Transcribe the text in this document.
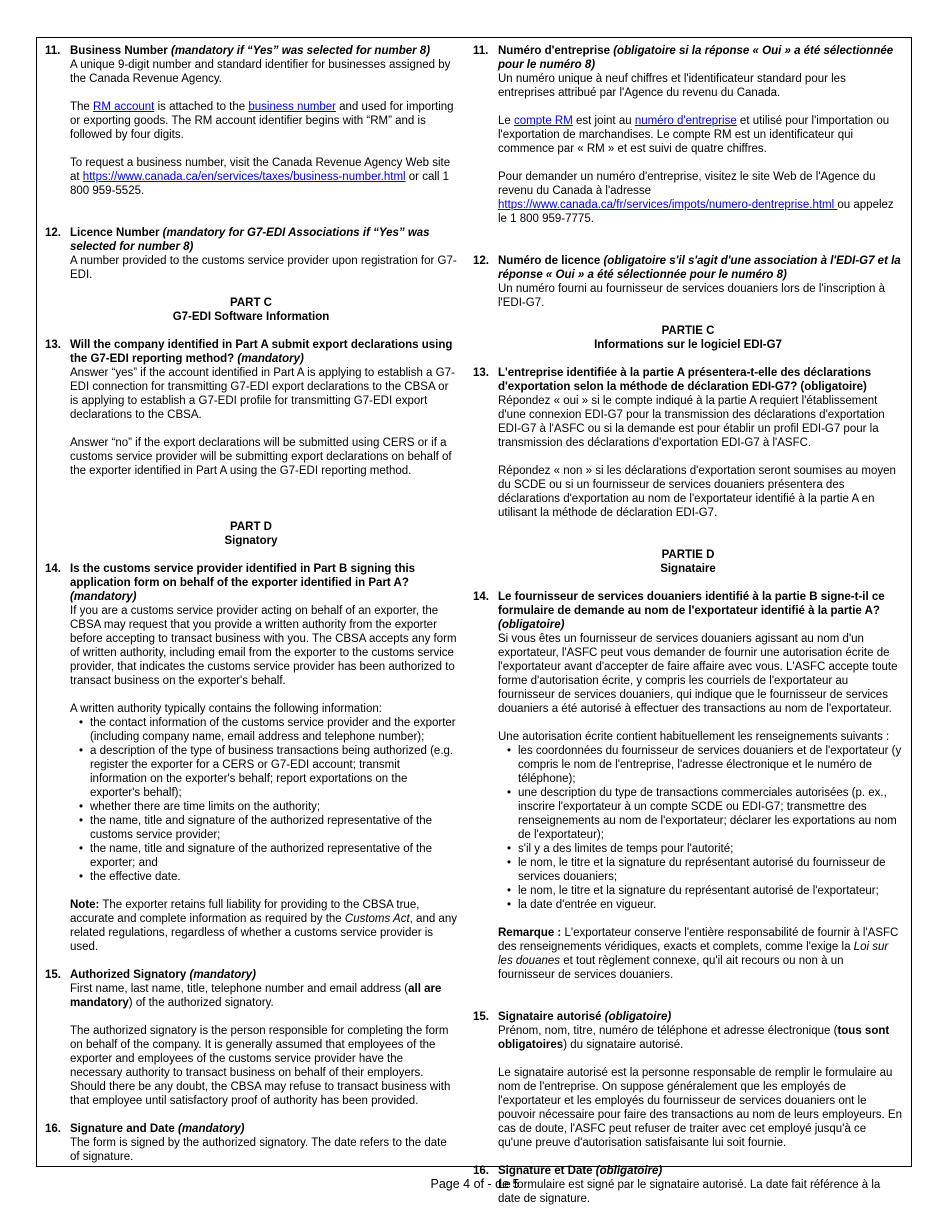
11. Business Number (mandatory if “Yes” was selected for number 8)

A unique 9-digit number and standard identifier for businesses assigned by the Canada Revenue Agency.

The RM account is attached to the business number and used for importing or exporting goods. The RM account identifier begins with “RM” and is followed by four digits.

To request a business number, visit the Canada Revenue Agency Web site at https://www.canada.ca/en/services/taxes/business-number.html or call 1 800 959-5525.

12. Licence Number (mandatory for G7-EDI Associations if “Yes” was selected for number 8)

A number provided to the customs service provider upon registration for G7-EDI.

PART C
G7-EDI Software Information
13. Will the company identified in Part A submit export declarations using the G7-EDI reporting method? (mandatory)

Answer “yes” if the account identified in Part A is applying to establish a G7-EDI connection for transmitting G7-EDI export declarations to the CBSA or is applying to establish a G7-EDI profile for transmitting G7-EDI export declarations to the CBSA.

Answer “no” if the export declarations will be submitted using CERS or if a customs service provider will be submitting export declarations on behalf of the exporter identified in Part A using the G7-EDI reporting method.

PART D
Signatory
14. Is the customs service provider identified in Part B signing this application form on behalf of the exporter identified in Part A? (mandatory)

If you are a customs service provider acting on behalf of an exporter, the CBSA may request that you provide a written authority from the exporter before accepting to transact business with you. The CBSA accepts any form of written authority, including email from the exporter to the customs service provider, that indicates the customs service provider has been authorized to transact business on the exporter's behalf.

A written authority typically contains the following information:

• the contact information of the customs service provider and the exporter (including company name, email address and telephone number);
• a description of the type of business transactions being authorized (e.g. register the exporter for a CERS or G7-EDI account; transmit information on the exporter's behalf; report exportations on the exporter's behalf);
• whether there are time limits on the authority;
• the name, title and signature of the authorized representative of the customs service provider;
• the name, title and signature of the authorized representative of the exporter; and
• the effective date.

Note: The exporter retains full liability for providing to the CBSA true, accurate and complete information as required by the Customs Act, and any related regulations, regardless of whether a customs service provider is used.

15. Authorized Signatory (mandatory)

First name, last name, title, telephone number and email address (all are mandatory) of the authorized signatory.

The authorized signatory is the person responsible for completing the form on behalf of the company. It is generally assumed that employees of the exporter and employees of the customs service provider have the necessary authority to transact business on behalf of their employers. Should there be any doubt, the CBSA may refuse to transact business with that employee until satisfactory proof of authority has been provided.

16. Signature and Date (mandatory)

The form is signed by the authorized signatory. The date refers to the date of signature.

11. Numéro d'entreprise (obligatoire si la réponse « Oui » a été sélectionnée pour le numéro 8)

Un numéro unique à neuf chiffres et l'identificateur standard pour les entreprises attribué par l'Agence du revenu du Canada.

Le compte RM est joint au numéro d'entreprise et utilisé pour l'importation ou l'exportation de marchandises. Le compte RM est un identificateur qui commence par « RM » et est suivi de quatre chiffres.

Pour demander un numéro d'entreprise, visitez le site Web de l'Agence du revenu du Canada à l'adresse https://www.canada.ca/fr/services/impots/numero-dentreprise.html ou appelez le 1 800 959-7775.

12. Numéro de licence (obligatoire s'il s'agit d'une association à l'EDI-G7 et la réponse « Oui » a été sélectionnée pour le numéro 8)

Un numéro fourni au fournisseur de services douaniers lors de l'inscription à l'EDI-G7.

PARTIE C
Informations sur le logiciel EDI-G7
13. L'entreprise identifiée à la partie A présentera-t-elle des déclarations d'exportation selon la méthode de déclaration EDI-G7? (obligatoire)

Répondez « oui » si le compte indiqué à la partie A requiert l'établissement d'une connexion EDI-G7 pour la transmission des déclarations d'exportation EDI-G7 à l'ASFC ou si la demande est pour établir un profil EDI-G7 pour la transmission des déclarations d'exportation EDI-G7 à l'ASFC.

Répondez « non » si les déclarations d'exportation seront soumises au moyen du SCDE ou si un fournisseur de services douaniers présentera des déclarations d'exportation au nom de l'exportateur identifié à la partie A en utilisant la méthode de déclaration EDI-G7.

PARTIE D
Signataire
14. Le fournisseur de services douaniers identifié à la partie B signe-t-il ce formulaire de demande au nom de l'exportateur identifié à la partie A? (obligatoire)

Si vous êtes un fournisseur de services douaniers agissant au nom d'un exportateur, l'ASFC peut vous demander de fournir une autorisation écrite de l'exportateur avant d'accepter de faire affaire avec vous. L'ASFC accepte toute forme d'autorisation écrite, y compris les courriels de l'exportateur au fournisseur de services douaniers, qui indique que le fournisseur de services douaniers a été autorisé à effectuer des transactions au nom de l'exportateur.

Une autorisation écrite contient habituellement les renseignements suivants :

• les coordonnées du fournisseur de services douaniers et de l'exportateur (y compris le nom de l'entreprise, l'adresse électronique et le numéro de téléphone);
• une description du type de transactions commerciales autorisées (p. ex., inscrire l'exportateur à un compte SCDE ou EDI-G7; transmettre des renseignements au nom de l'exportateur; déclarer les exportations au nom de l'exportateur);
• s'il y a des limites de temps pour l'autorité;
• le nom, le titre et la signature du représentant autorisé du fournisseur de services douaniers;
• le nom, le titre et la signature du représentant autorisé de l'exportateur;
• la date d'entrée en vigueur.

Remarque : L'exportateur conserve l'entière responsabilité de fournir à l'ASFC des renseignements véridiques, exacts et complets, comme l'exige la Loi sur les douanes et tout règlement connexe, qu'il ait recours ou non à un fournisseur de services douaniers.

15. Signataire autorisé (obligatoire)

Prénom, nom, titre, numéro de téléphone et adresse électronique (tous sont obligatoires) du signataire autorisé.

Le signataire autorisé est la personne responsable de remplir le formulaire au nom de l'entreprise. On suppose généralement que les employés de l'exportateur et les employés du fournisseur de services douaniers ont le pouvoir nécessaire pour faire des transactions au nom de leurs employeurs. En cas de doute, l'ASFC peut refuser de traiter avec cet employé jusqu'à ce qu'une preuve d'autorisation satisfaisante lui soit fournie.

16. Signature et Date (obligatoire)

Le formulaire est signé par le signataire autorisé. La date fait référence à la date de signature.

Page 4 of - de 5
